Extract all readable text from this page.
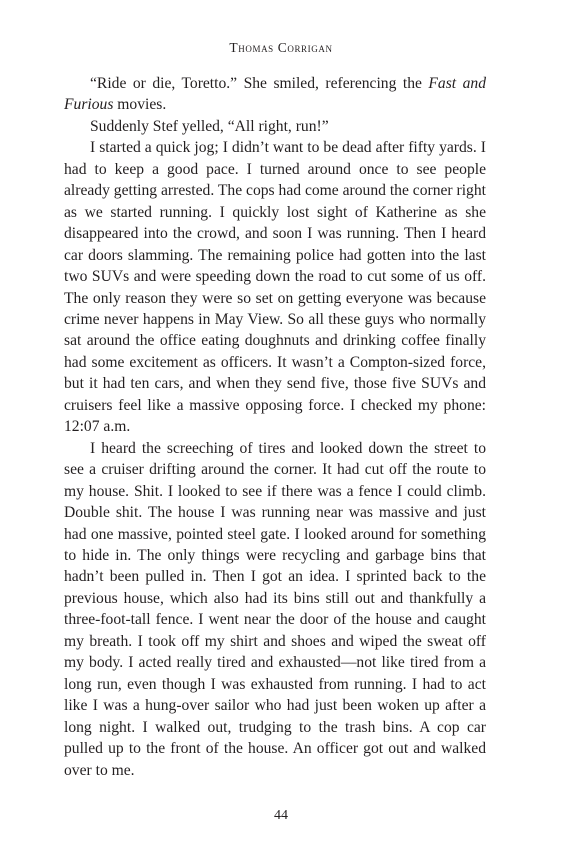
Thomas Corrigan

“Ride or die, Toretto.” She smiled, referencing the Fast and Furious movies.

Suddenly Stef yelled, “All right, run!”

I started a quick jog; I didn’t want to be dead after fifty yards. I had to keep a good pace. I turned around once to see people already getting arrested. The cops had come around the corner right as we started running. I quickly lost sight of Katherine as she disappeared into the crowd, and soon I was running. Then I heard car doors slamming. The remaining police had gotten into the last two SUVs and were speeding down the road to cut some of us off. The only reason they were so set on getting everyone was because crime never happens in May View. So all these guys who normally sat around the office eating doughnuts and drinking coffee finally had some excitement as officers. It wasn’t a Compton-sized force, but it had ten cars, and when they send five, those five SUVs and cruisers feel like a massive opposing force. I checked my phone: 12:07 a.m.

I heard the screeching of tires and looked down the street to see a cruiser drifting around the corner. It had cut off the route to my house. Shit. I looked to see if there was a fence I could climb. Double shit. The house I was running near was massive and just had one massive, pointed steel gate. I looked around for something to hide in. The only things were recycling and garbage bins that hadn’t been pulled in. Then I got an idea. I sprinted back to the previous house, which also had its bins still out and thankfully a three-foot-tall fence. I went near the door of the house and caught my breath. I took off my shirt and shoes and wiped the sweat off my body. I acted really tired and exhausted—not like tired from a long run, even though I was exhausted from running. I had to act like I was a hung-over sailor who had just been woken up after a long night. I walked out, trudging to the trash bins. A cop car pulled up to the front of the house. An officer got out and walked over to me.

44
